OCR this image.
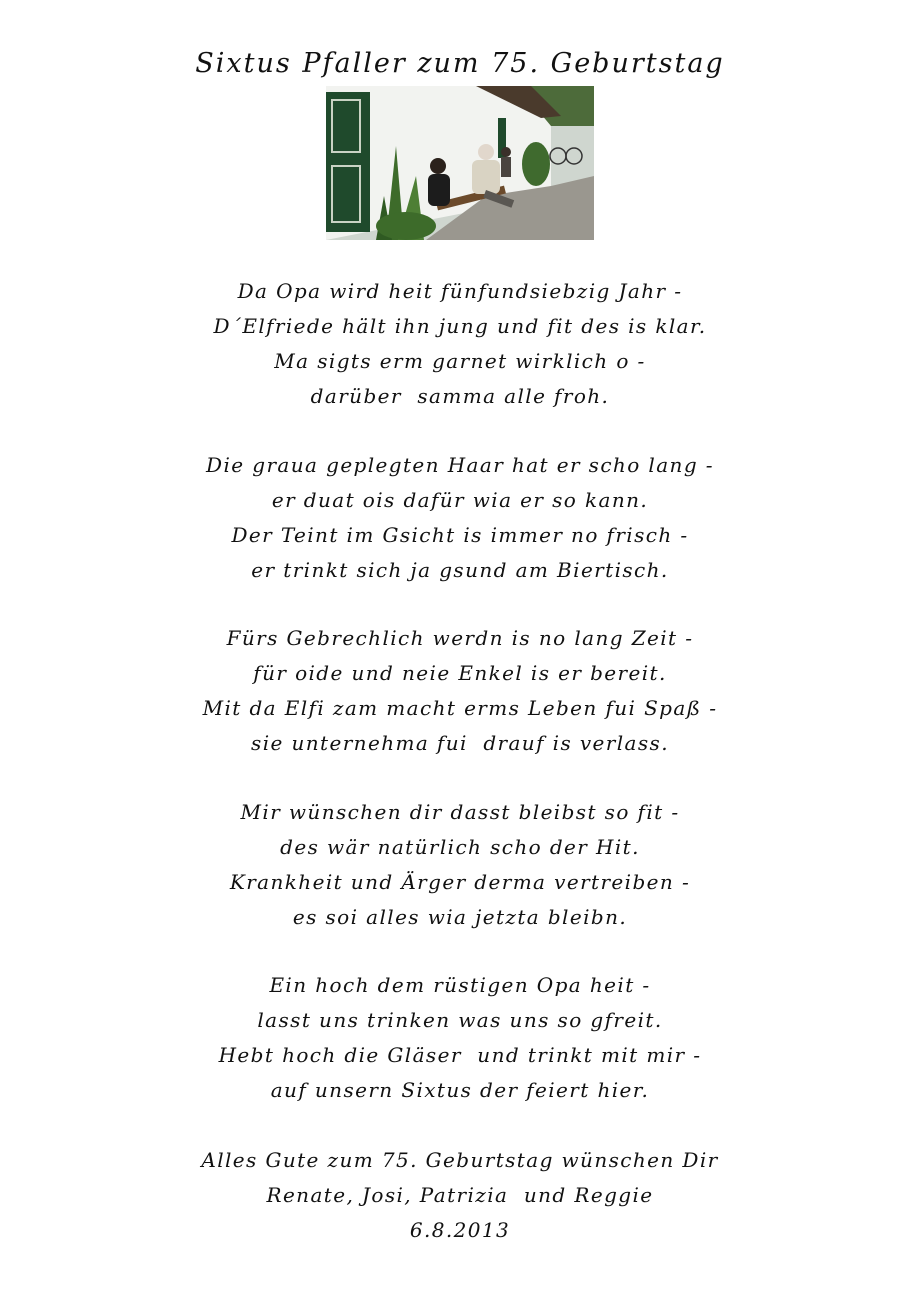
Sixtus Pfaller zum 75. Geburtstag
Da Opa wird heit fünfundsiebzig Jahr -
D´Elfriede hält ihn jung und fit des is klar.
Ma sigts erm garnet wirklich o -
darüber  samma alle froh.
Die graua geplegten Haar hat er scho lang -
er duat ois dafür wia er so kann.
Der Teint im Gsicht is immer no frisch -
er trinkt sich ja gsund am Biertisch.
Fürs Gebrechlich werdn is no lang Zeit -
für oide und neie Enkel is er bereit.
Mit da Elfi zam macht erms Leben fui Spaß -
sie unternehma fui  drauf is verlass.
Mir wünschen dir dasst bleibst so fit -
des wär natürlich scho der Hit.
Krankheit und Ärger derma vertreiben -
es soi alles wia jetzta bleibn.
Ein hoch dem rüstigen Opa heit -
lasst uns trinken was uns so gfreit.
Hebt hoch die Gläser  und trinkt mit mir -
auf unsern Sixtus der feiert hier.
Alles Gute zum 75. Geburtstag wünschen Dir
Renate, Josi, Patrizia  und Reggie
6.8.2013
